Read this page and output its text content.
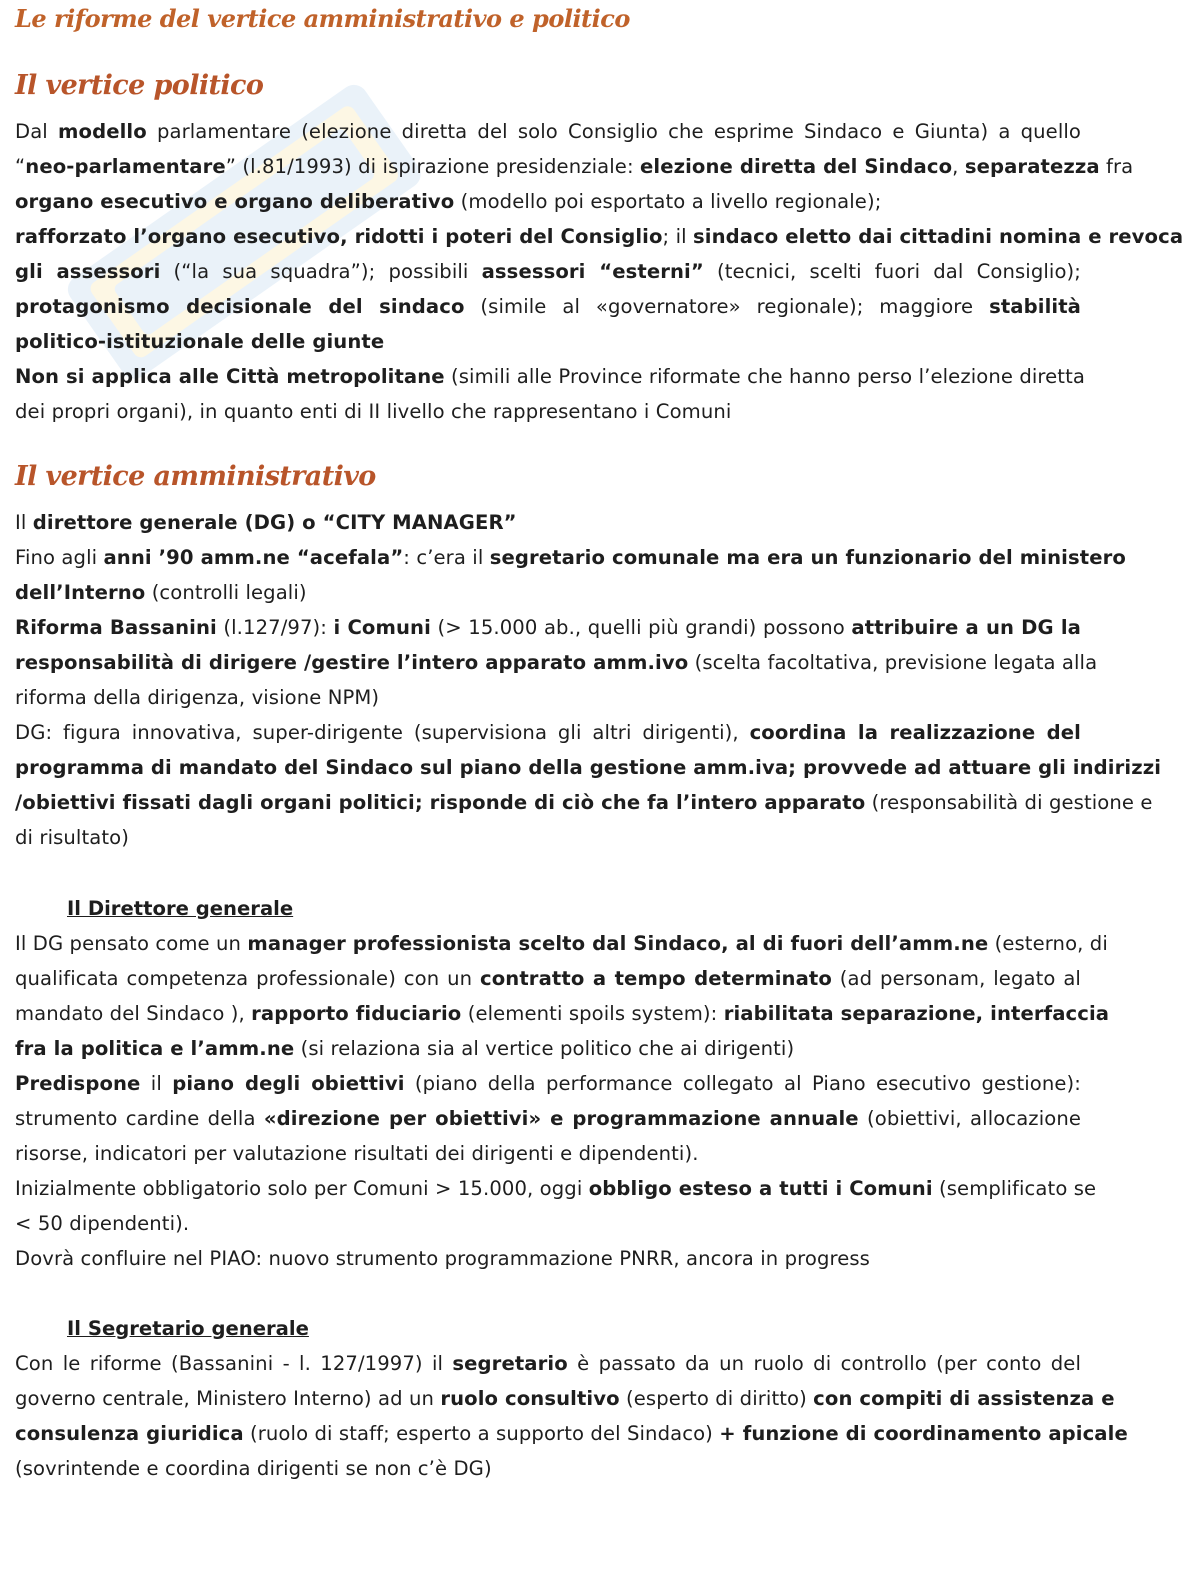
Le riforme del vertice amministrativo e politico
Il vertice politico
Dal modello parlamentare (elezione diretta del solo Consiglio che esprime Sindaco e Giunta) a quello
“neo-parlamentare” (l.81/1993) di ispirazione presidenziale: elezione diretta del Sindaco, separatezza fra
organo esecutivo e organo deliberativo (modello poi esportato a livello regionale);
rafforzato l’organo esecutivo, ridotti i poteri del Consiglio; il sindaco eletto dai cittadini nomina e revoca
gli assessori (“la sua squadra”); possibili assessori “esterni” (tecnici, scelti fuori dal Consiglio);
protagonismo decisionale del sindaco (simile al «governatore» regionale); maggiore stabilità
politico-istituzionale delle giunte
Non si applica alle Città metropolitane (simili alle Province riformate che hanno perso l’elezione diretta
dei propri organi), in quanto enti di II livello che rappresentano i Comuni
Il vertice amministrativo
Il direttore generale (DG) o “CITY MANAGER”
Fino agli anni ’90 amm.ne “acefala”: c’era il segretario comunale ma era un funzionario del ministero
dell’Interno (controlli legali)
Riforma Bassanini (l.127/97): i Comuni (> 15.000 ab., quelli più grandi) possono attribuire a un DG la
responsabilità di dirigere /gestire l’intero apparato amm.ivo (scelta facoltativa, previsione legata alla
riforma della dirigenza, visione NPM)
DG: figura innovativa, super-dirigente (supervisiona gli altri dirigenti), coordina la realizzazione del
programma di mandato del Sindaco sul piano della gestione amm.iva; provvede ad attuare gli indirizzi
/obiettivi fissati dagli organi politici; risponde di ciò che fa l’intero apparato (responsabilità di gestione e
di risultato)
Il Direttore generale
Il DG pensato come un manager professionista scelto dal Sindaco, al di fuori dell’amm.ne (esterno, di
qualificata competenza professionale) con un contratto a tempo determinato (ad personam, legato al
mandato del Sindaco ), rapporto fiduciario (elementi spoils system): riabilitata separazione, interfaccia
fra la politica e l’amm.ne (si relaziona sia al vertice politico che ai dirigenti)
Predispone il piano degli obiettivi (piano della performance collegato al Piano esecutivo gestione):
strumento cardine della «direzione per obiettivi» e programmazione annuale (obiettivi, allocazione
risorse, indicatori per valutazione risultati dei dirigenti e dipendenti).
Inizialmente obbligatorio solo per Comuni > 15.000, oggi obbligo esteso a tutti i Comuni (semplificato se
< 50 dipendenti).
Dovrà confluire nel PIAO: nuovo strumento programmazione PNRR, ancora in progress
Il Segretario generale
Con le riforme (Bassanini - l. 127/1997) il segretario è passato da un ruolo di controllo (per conto del
governo centrale, Ministero Interno) ad un ruolo consultivo (esperto di diritto) con compiti di assistenza e
consulenza giuridica (ruolo di staff; esperto a supporto del Sindaco) + funzione di coordinamento apicale
(sovrintende e coordina dirigenti se non c’è DG)
